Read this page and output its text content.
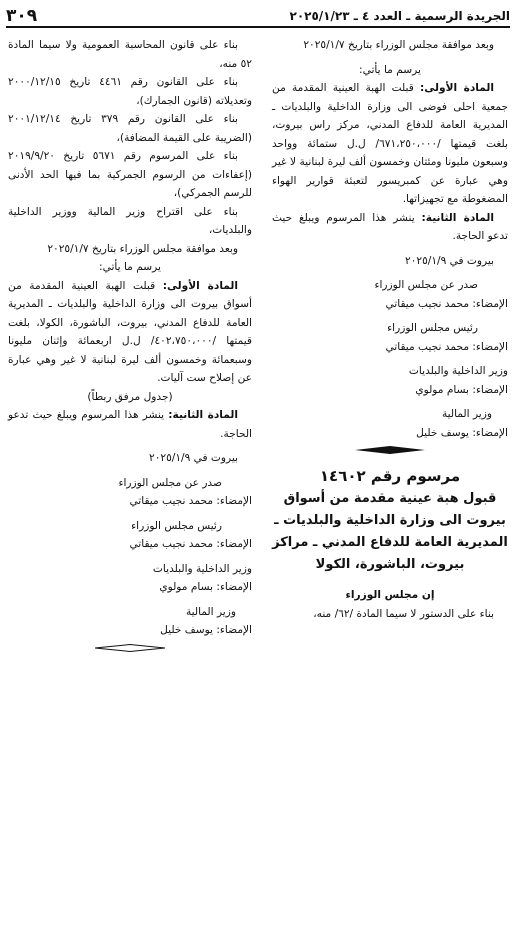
الجريدة الرسمية ـ العدد ٤ ـ ٢٠٢٥/١/٢٣
٣٠٩

وبعد موافقة مجلس الوزراء بتاريخ ٢٠٢٥/١/٧

يرسم ما يأتي:

المادة الأولى: قبلت الهبة العينية المقدمة من جمعية احلى فوضى الى وزارة الداخلية والبلديات ـ المديرية العامة للدفاع المدني، مركز راس بيروت، بلغت قيمتها /٦٧١،٢٥٠،٠٠٠/ ل.ل ستمائة وواحد وسبعون مليونا ومئتان وخمسون ألف ليرة لبنانية لا غير وهي عبارة عن كمبريسور لتعبئة قوارير الهواء المضغوطة مع تجهيزاتها.

المادة الثانية: ينشر هذا المرسوم ويبلغ حيث تدعو الحاجة.

بيروت في ٢٠٢٥/١/٩

صدر عن مجلس الوزراء

الإمضاء: محمد نجيب ميقاتي

رئيس مجلس الوزراء

الإمضاء: محمد نجيب ميقاتي

وزير الداخلية والبلديات

الإمضاء: بسام مولوي

وزير المالية

الإمضاء: يوسف خليل

مرسوم رقم ١٤٦٠٢

قبول هبة عينية مقدمة من أسواق بيروت الى وزارة الداخلية والبلديات ـ المديرية العامة للدفاع المدني ـ مراكز بيروت، الباشورة، الكولا

إن مجلس الوزراء

بناء على الدستور لا سيما المادة /٦٢/ منه،

بناء على قانون المحاسبة العمومية ولا سيما المادة ٥٢ منه،

بناء على القانون رقم ٤٤٦١ تاريخ ٢٠٠٠/١٢/١٥ وتعديلاته (قانون الجمارك)،

بناء على القانون رقم ٣٧٩ تاريخ ٢٠٠١/١٢/١٤ (الضريبة على القيمة المضافة)،

بناء على المرسوم رقم ٥٦٧١ تاريخ ٢٠١٩/٩/٢٠ (إعفاءات من الرسوم الجمركية بما فيها الحد الأدنى للرسم الجمركي)،

بناء على اقتراح وزير المالية ووزير الداخلية والبلديات،

وبعد موافقة مجلس الوزراء بتاريخ ٢٠٢٥/١/٧

يرسم ما يأتي:

المادة الأولى: قبلت الهبة العينية المقدمة من أسواق بيروت الى وزارة الداخلية والبلديات ـ المديرية العامة للدفاع المدني، بيروت، الباشورة، الكولا، بلغت قيمتها /٤٠٢،٧٥٠،٠٠٠/ ل.ل اربعمائة وإثنان مليونا وسبعمائة وخمسون ألف ليرة لبنانية لا غير وهي عبارة عن إصلاح ست آليات.

(جدول مرفق ربطاً)

المادة الثانية: ينشر هذا المرسوم ويبلغ حيث تدعو الحاجة.

بيروت في ٢٠٢٥/١/٩

صدر عن مجلس الوزراء

الإمضاء: محمد نجيب ميقاتي

رئيس مجلس الوزراء

الإمضاء: محمد نجيب ميقاتي

وزير الداخلية والبلديات

الإمضاء: بسام مولوي

وزير المالية

الإمضاء: يوسف خليل
